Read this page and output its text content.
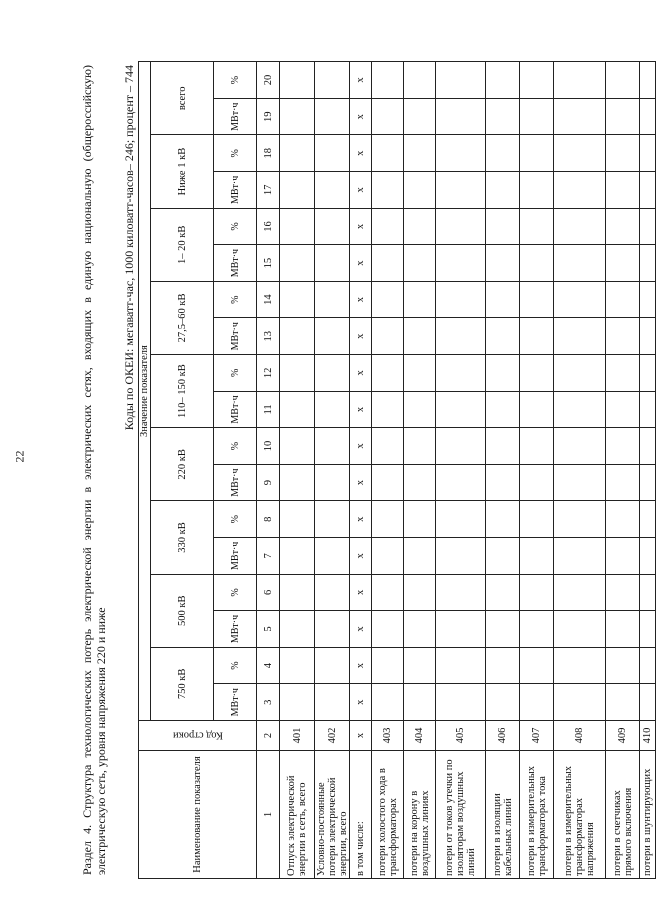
22	Раздел 4. Структура технологических потерь электрической энергии в электрических сетях, входящих в единую национальную (общероссийскую) электрическую сеть, уровня напряжения 220 и ниже
Коды по ОКЕИ: мегаватт-час, 1000 киловатт-часов– 246; процент – 744
Наименование показателя	Код строки	Значение показателя																	
		750 кВ		500 кВ		330 кВ		220 кВ		110– 150 кВ		27,5–60 кВ		1– 20 кВ		Ниже 1 кВ		всего	
		МВт·ч	%	МВт·ч	%	МВт·ч	%	МВт·ч	%	МВт·ч	%	МВт·ч	%	МВт·ч	%	МВт·ч	%	МВт·ч	%
1	2	3	4	5	6	7	8	9	10	11	12	13	14	15	16	17	18	19	20
Отпуск электрической энергии в сеть, всего	401																		
Условно-постоянные потери электрической энергии, всего	402																		
в том числе:	х	х	х	х	х	х	х	х	х	х	х	х	х	х	х	х	х	х	х
потери холостого хода в трансформаторах	403																		
потери на корону в воздушных линиях	404																		
потери от токов утечки по изоляторам воздушных линий	405																		
потери в изоляции кабельных линий	406																		
потери в измерительных трансформаторах тока	407																		
потери в измерительных трансформаторах напряжения	408																		
потери в счетчиках прямого включения	409																		
потери в шунтирующих	410																		
